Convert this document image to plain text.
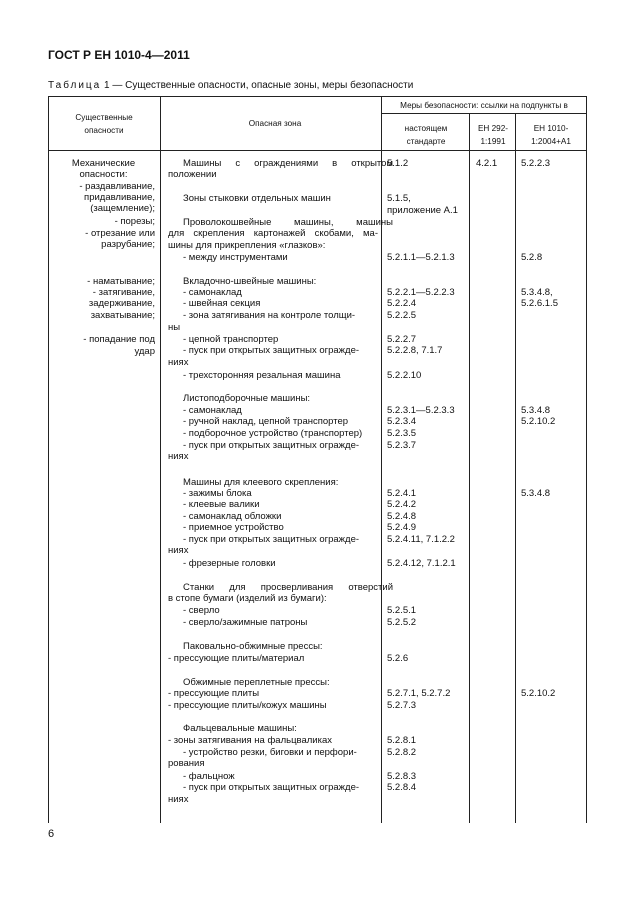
ГОСТ Р ЕН 1010-4—2011
Таблица 1 — Существенные опасности, опасные зоны, меры безопасности
Существенные опасности
Опасная зона
Меры безопасности: ссылки на подпункты в
настоящем стандарте
ЕН 292-1:1991
ЕН 1010-1:2004+А1
Механические
опасности:
- раздавливание,
придавливание,
(защемление);
- порезы;
- отрезание или
разрубание;
- наматывание;
- затягивание,
задерживание,
захватывание;
- попадание под
удар
Машины с ограждениями в открытом
положении
Зоны стыковки отдельных машин
Проволокошвейные машины, машины
для скрепления картонажей скобами, ма-
шины для прикрепления «глазков»:
- между инструментами
Вкладочно-швейные машины:
- самонаклад
- швейная секция
- зона затягивания на контроле толщи-
ны
- цепной транспортер
- пуск при открытых защитных огражде-
ниях
- трехсторонняя резальная машина
Листоподборочные машины:
- самонаклад
- ручной наклад, цепной транспортер
- подборочное устройство (транспортер)
- пуск при открытых защитных огражде-
ниях
Машины для клеевого скрепления:
- зажимы блока
- клеевые валики
- самонаклад обложки
- приемное устройство
- пуск при открытых защитных огражде-
ниях
- фрезерные головки
Станки для просверливания отверстий
в стопе бумаги (изделий из бумаги):
- сверло
- сверло/зажимные патроны
Паковально-обжимные прессы:
- прессующие плиты/материал
Обжимные переплетные прессы:
- прессующие плиты
- прессующие плиты/кожух машины
Фальцевальные машины:
- зоны затягивания на фальцваликах
- устройство резки, биговки и перфори-
рования
- фальцнож
- пуск при открытых защитных огражде-
ниях
5.1.2
5.1.5,
приложение А.1
5.2.1.1—5.2.1.3
5.2.2.1—5.2.2.3
5.2.2.4
5.2.2.5
5.2.2.7
5.2.2.8, 7.1.7
5.2.2.10
5.2.3.1—5.2.3.3
5.2.3.4
5.2.3.5
5.2.3.7
5.2.4.1
5.2.4.2
5.2.4.8
5.2.4.9
5.2.4.11, 7.1.2.2
5.2.4.12, 7.1.2.1
5.2.5.1
5.2.5.2
5.2.6
5.2.7.1, 5.2.7.2
5.2.7.3
5.2.8.1
5.2.8.2
5.2.8.3
5.2.8.4
4.2.1	5.2.2.3
5.2.8
5.3.4.8,
5.2.6.1.5
5.3.4.8
5.2.10.2
5.3.4.8
5.2.10.2
6
